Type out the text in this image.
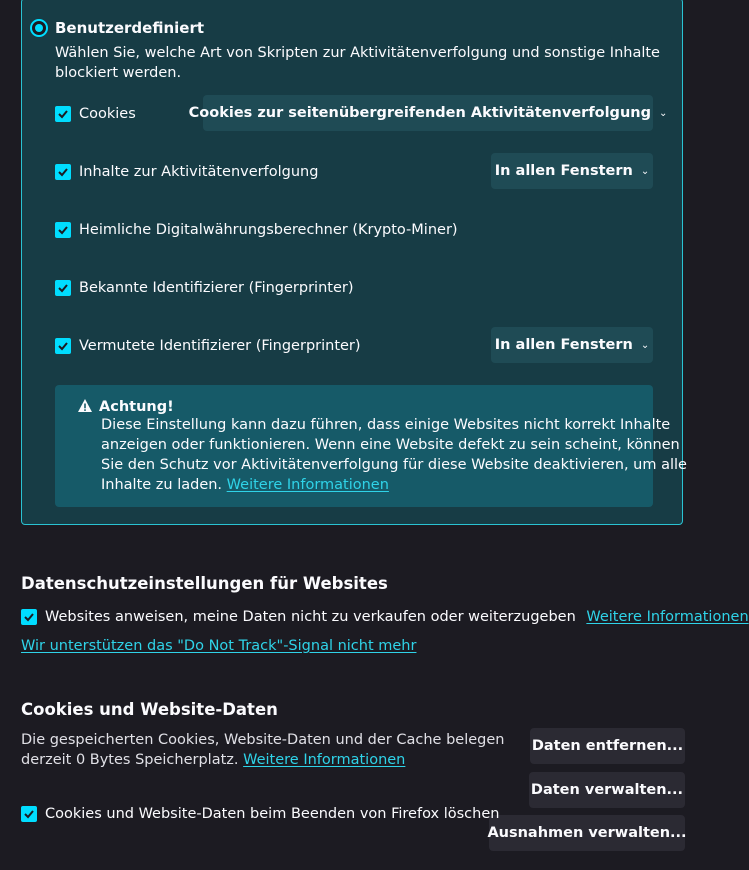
Benutzerdefiniert
Wählen Sie, welche Art von Skripten zur Aktivitätenverfolgung und sonstige Inhalte
blockiert werden.
Cookies	Cookies zur seitenübergreifenden Aktivitätenverfolgung ⌄
Inhalte zur Aktivitätenverfolgung	In allen Fenstern ⌄
Heimliche Digitalwährungsberechner (Krypto-Miner)
Bekannte Identifizierer (Fingerprinter)
Vermutete Identifizierer (Fingerprinter)	In allen Fenstern ⌄
Achtung!
Diese Einstellung kann dazu führen, dass einige Websites nicht korrekt Inhalte
anzeigen oder funktionieren. Wenn eine Website defekt zu sein scheint, können
Sie den Schutz vor Aktivitätenverfolgung für diese Website deaktivieren, um alle
Inhalte zu laden. Weitere Informationen
Datenschutzeinstellungen für Websites
Websites anweisen, meine Daten nicht zu verkaufen oder weiterzugeben Weitere Informationen
Wir unterstützen das "Do Not Track"-Signal nicht mehr
Cookies und Website-Daten
Die gespeicherten Cookies, Website-Daten und der Cache belegen
derzeit 0 Bytes Speicherplatz. Weitere Informationen
Daten entfernen...
Daten verwalten...
Ausnahmen verwalten...
Cookies und Website-Daten beim Beenden von Firefox löschen
